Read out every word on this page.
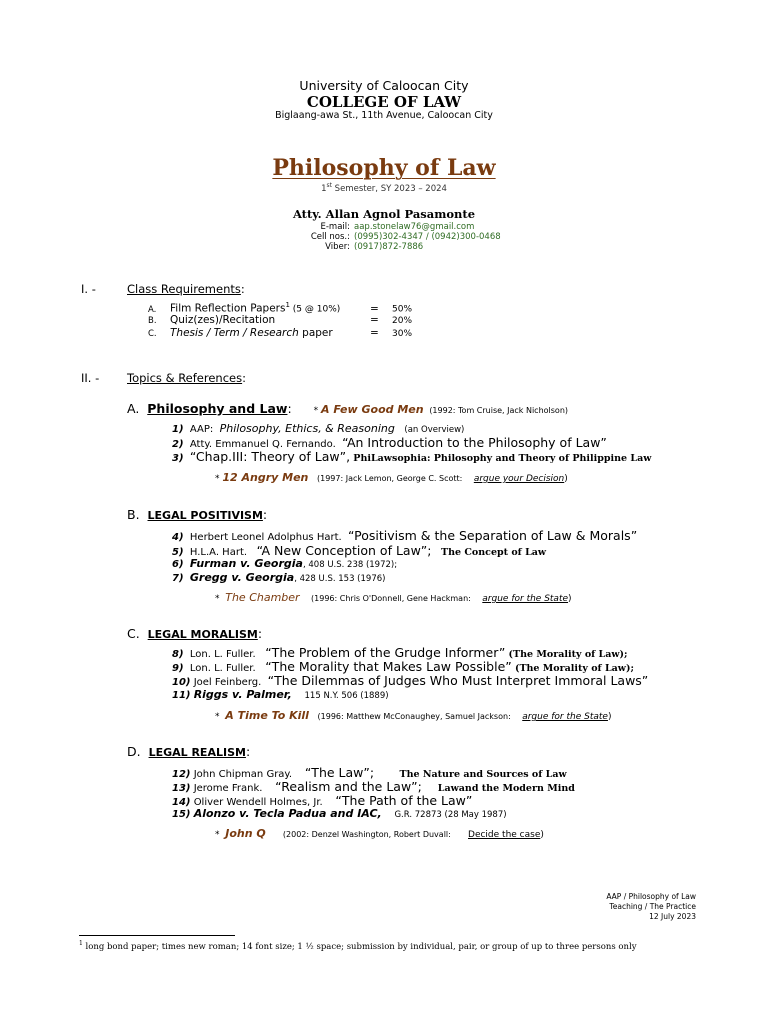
University of Caloocan City
COLLEGE OF LAW
Biglaang-awa St., 11th Avenue, Caloocan City
Philosophy of Law
1st Semester, SY 2023 – 2024
Atty. Allan Agnol Pasamonte
E-mail: aap.stonelaw76@gmail.com
Cell nos.: (0995)302-4347 / (0942)300-0468
Viber: (0917)872-7886
I. -	Class Requirements:
A. Film Reflection Papers$^1$ (5 @ 10%)	= 50%
B. Quiz(zes)/Recitation	= 20%
C. Thesis / Term / Research paper	= 30%
II. - Topics & References:
A. Philosophy and Law: * A Few Good Men (1992: Tom Cruise, Jack Nicholson)
1) AAP: Philosophy, Ethics, & Reasoning (an Overview)
2) Atty. Emmanuel Q. Fernando. “An Introduction to the Philosophy of Law”
3) “Chap.III: Theory of Law”, PhiLawsophia: Philosophy and Theory of Philippine Law
* 12 Angry Men (1997: Jack Lemon, George C. Scott: argue your Decision)
B. LEGAL POSITIVISM:
4) Herbert Leonel Adolphus Hart. “Positivism & the Separation of Law & Morals”
5) H.L.A. Hart. “A New Conception of Law”; The Concept of Law
6) Furman v. Georgia, 408 U.S. 238 (1972);
7) Gregg v. Georgia, 428 U.S. 153 (1976)
* The Chamber (1996: Chris O'Donnell, Gene Hackman: argue for the State)
C. LEGAL MORALISM:
8) Lon. L. Fuller. “The Problem of the Grudge Informer” (The Morality of Law);
9) Lon. L. Fuller. “The Morality that Makes Law Possible” (The Morality of Law);
10) Joel Feinberg. “The Dilemmas of Judges Who Must Interpret Immoral Laws”
11) Riggs v. Palmer, 115 N.Y. 506 (1889)
* A Time To Kill (1996: Matthew McConaughey, Samuel Jackson: argue for the State)
D. LEGAL REALISM:
12) John Chipman Gray. “The Law”;	The Nature and Sources of Law
13) Jerome Frank. “Realism and the Law”; Lawand the Modern Mind
14) Oliver Wendell Holmes, Jr. “The Path of the Law”
15) Alonzo v. Tecla Padua and IAC, G.R. 72873 (28 May 1987)
* John Q (2002: Denzel Washington, Robert Duvall: Decide the case)
AAP / Philosophy of Law
Teaching / The Practice
12 July 2023
$^1$ long bond paper; times new roman; 14 font size; 1 ½ space; submission by individual, pair, or group of up to three persons only
